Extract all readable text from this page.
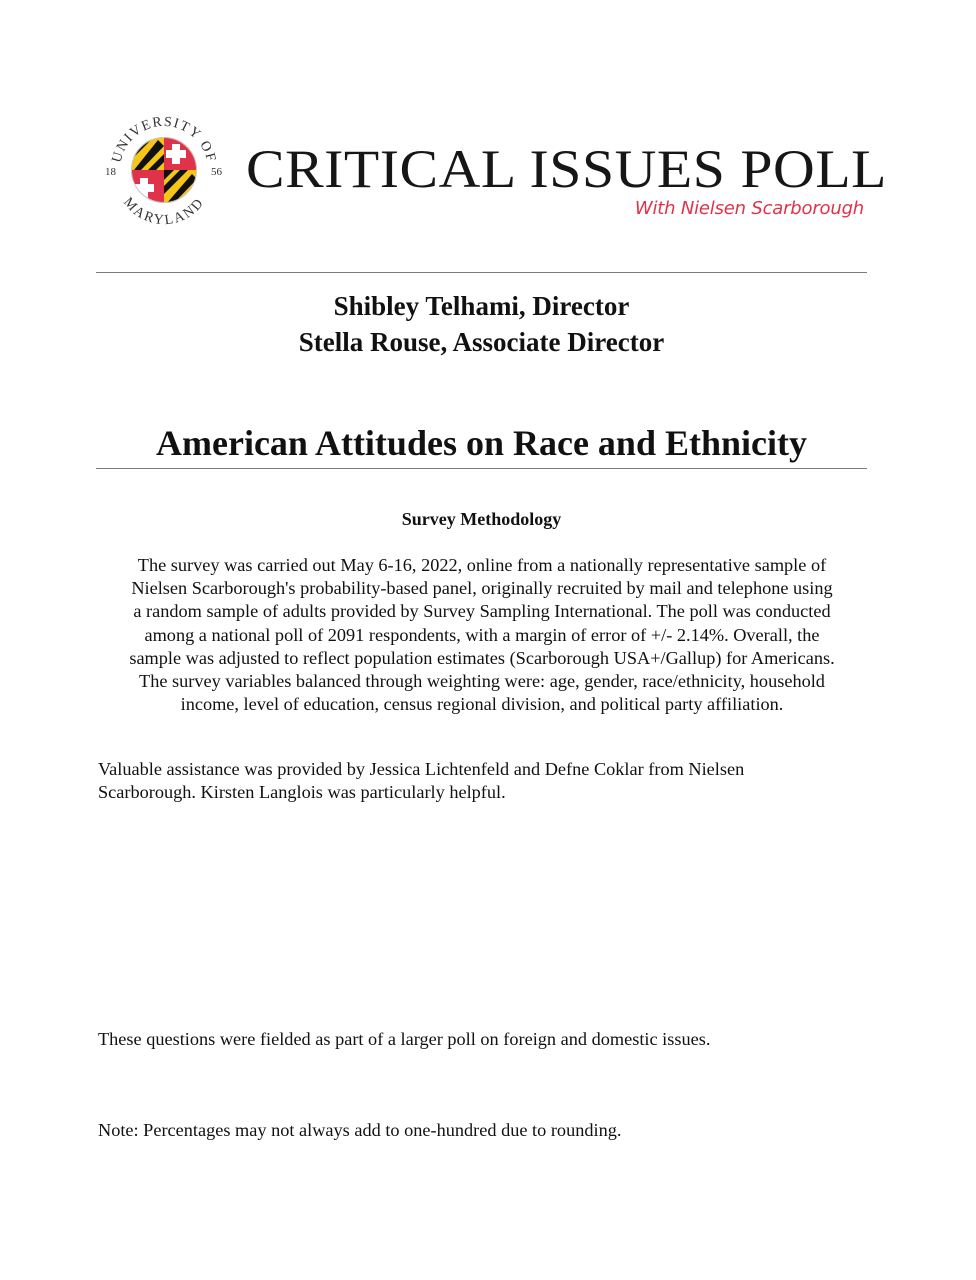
UNIVERSITY OF
MARYLAND
18	56 CRITICAL ISSUES POLL
With Nielsen Scarborough
Shibley Telhami, Director
Stella Rouse, Associate Director
American Attitudes on Race and Ethnicity
Survey Methodology
The survey was carried out May 6-16, 2022, online from a nationally representative sample of
Nielsen Scarborough's probability-based panel, originally recruited by mail and telephone using
a random sample of adults provided by Survey Sampling International. The poll was conducted
among a national poll of 2091 respondents, with a margin of error of +/- 2.14%. Overall, the
sample was adjusted to reflect population estimates (Scarborough USA+/Gallup) for Americans.
The survey variables balanced through weighting were: age, gender, race/ethnicity, household
income, level of education, census regional division, and political party affiliation.
Valuable assistance was provided by Jessica Lichtenfeld and Defne Coklar from Nielsen
Scarborough. Kirsten Langlois was particularly helpful.
These questions were fielded as part of a larger poll on foreign and domestic issues.
Note: Percentages may not always add to one-hundred due to rounding.
